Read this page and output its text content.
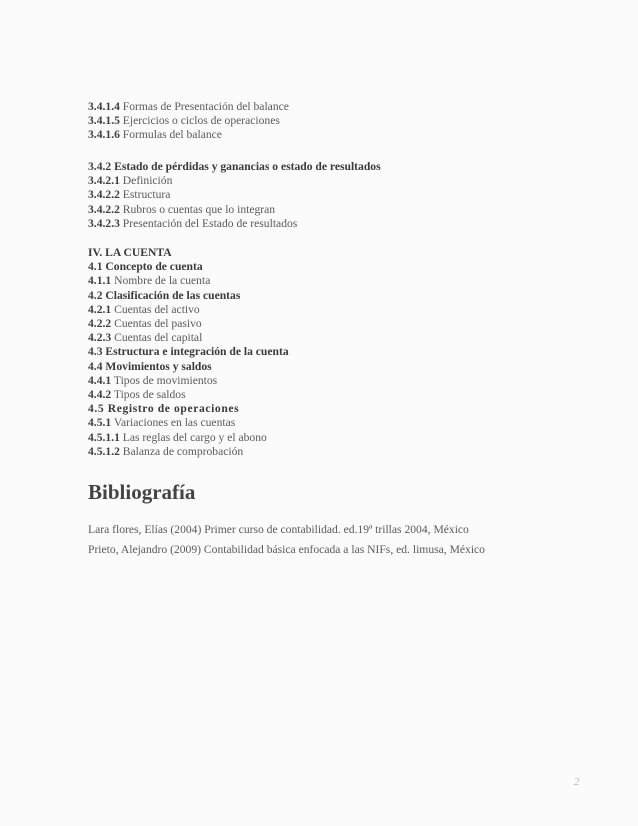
3.4.1.4 Formas de Presentación del balance
3.4.1.5 Ejercicios o ciclos de operaciones
3.4.1.6 Formulas del balance
3.4.2 Estado de pérdidas y ganancias o estado de resultados
3.4.2.1 Definición
3.4.2.2 Estructura
3.4.2.2 Rubros o cuentas que lo integran
3.4.2.3 Presentación del Estado de resultados
IV. LA CUENTA
4.1 Concepto de cuenta
4.1.1 Nombre de la cuenta
4.2 Clasificación de las cuentas
4.2.1 Cuentas del activo
4.2.2 Cuentas del pasivo
4.2.3 Cuentas del capital
4.3 Estructura e integración de la cuenta
4.4 Movimientos y saldos
4.4.1 Tipos de movimientos
4.4.2 Tipos de saldos
4.5 Registro de operaciones
4.5.1 Variaciones en las cuentas
4.5.1.1 Las reglas del cargo y el abono
4.5.1.2 Balanza de comprobación
Bibliografía
Lara flores, Elías (2004) Primer curso de contabilidad. ed.19ª trillas 2004, México
Prieto, Alejandro (2009) Contabilidad básica enfocada a las NIFs, ed. limusa, México
2
